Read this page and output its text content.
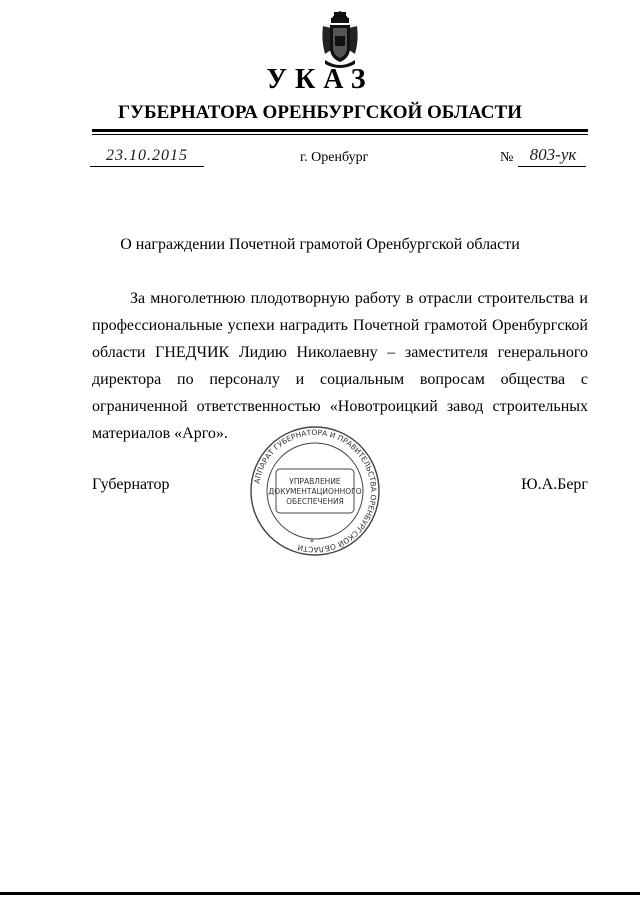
УКАЗ
ГУБЕРНАТОРА ОРЕНБУРГСКОЙ ОБЛАСТИ
23.10.2015	г. Оренбург	№ 803-ук
О награждении Почетной грамотой Оренбургской области

За многолетнюю плодотворную работу в отрасли строительства и профессиональные успехи наградить Почетной грамотой Оренбургской области ГНЕДЧИК Лидию Николаевну – заместителя генерального директора по персоналу и социальным вопросам общества с ограниченной ответственностью «Новотроицкий завод строительных материалов «Арго».

Губернатор	АППАРАТ ГУБЕРНАТОРА И ПРАВИТЕЛЬСТВА ОРЕНБУРГСКОЙ ОБЛАСТИ
УПРАВЛЕНИЕ
ДОКУМЕНТАЦИОННОГО
ОБЕСПЕЧЕНИЯ
*
Ю.А.Берг
